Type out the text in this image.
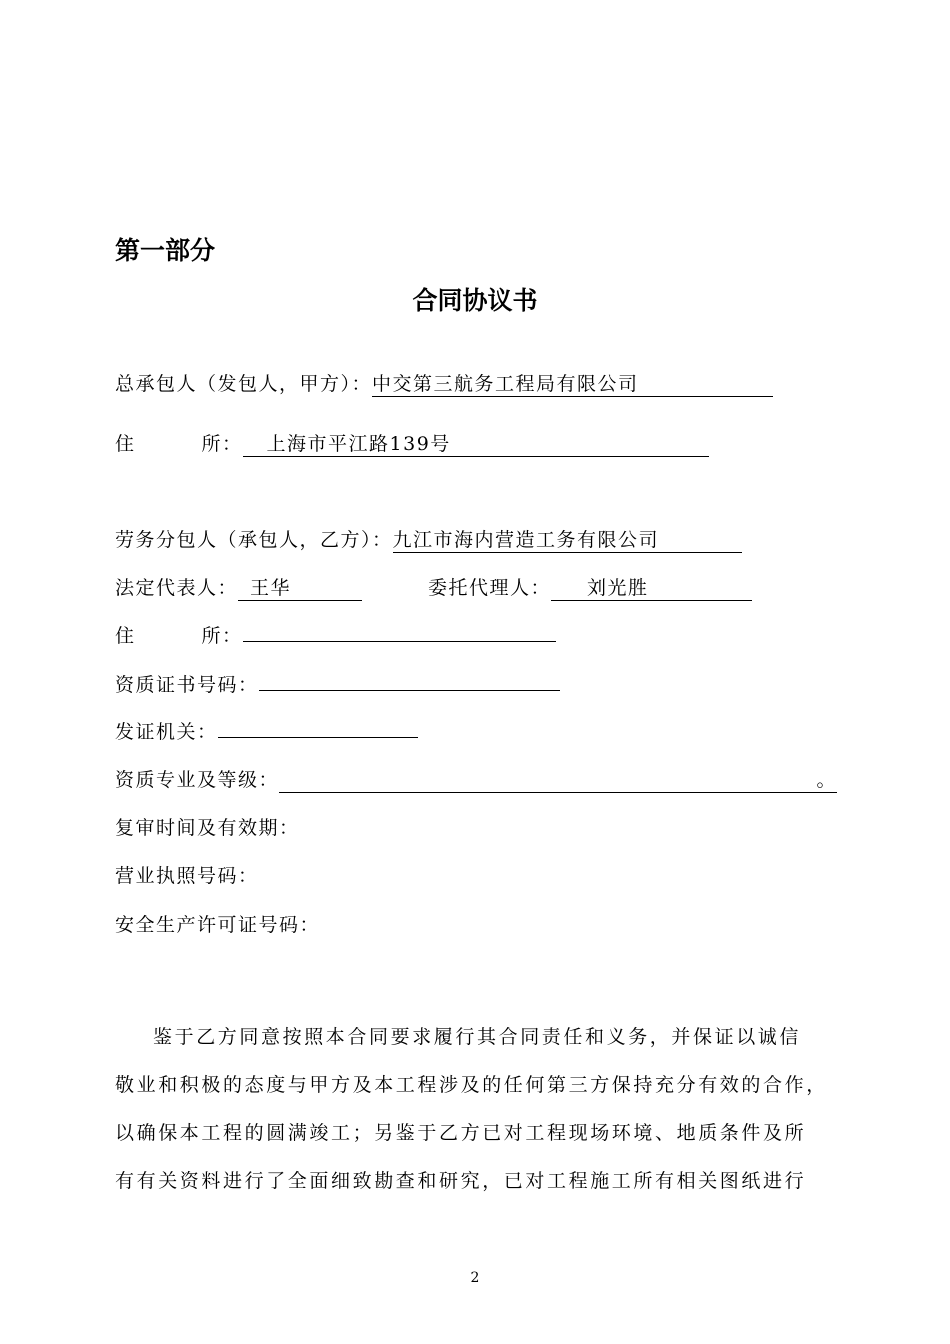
第一部分
合同协议书
总承包人（发包人，甲方）：中交第三航务工程局有限公司
住	所： 上海市平江路139号
劳务分包人（承包人，乙方）：九江市海内营造工务有限公司
法定代表人： 王华	委托代理人： 刘光胜
住	所：
资质证书号码：
发证机关：
资质专业及等级：	。
复审时间及有效期：
营业执照号码：
安全生产许可证号码：

鉴于乙方同意按照本合同要求履行其合同责任和义务，并保证以诚信

敬业和积极的态度与甲方及本工程涉及的任何第三方保持充分有效的合作，

以确保本工程的圆满竣工；另鉴于乙方已对工程现场环境、地质条件及所

有有关资料进行了全面细致勘查和研究，已对工程施工所有相关图纸进行

2
